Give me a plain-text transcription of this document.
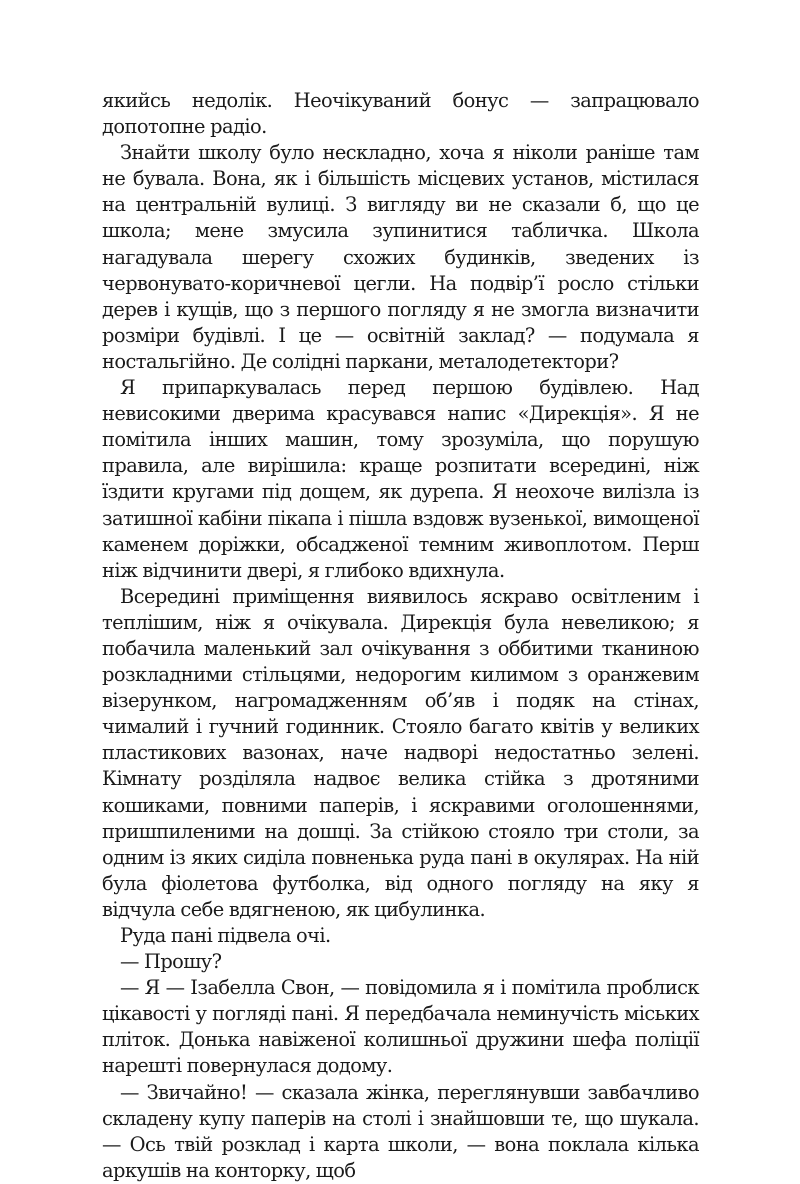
якийсь недолік. Неочікуваний бонус — запрацювало допотопне радіо.

Знайти школу було нескладно, хоча я ніколи раніше там не бувала. Вона, як і більшість місцевих установ, містилася на центральній вулиці. З вигляду ви не сказали б, що це школа; мене змусила зупинитися табличка. Школа нагадувала шерегу схожих будинків, зведених із червонувато-коричневої цегли. На подвір’ї росло стільки дерев і кущів, що з першого погляду я не змогла визначити розміри будівлі. І це — освітній заклад? — подумала я ностальгійно. Де солідні паркани, металодетектори?

Я припаркувалась перед першою будівлею. Над невисокими дверима красувався напис «Дирекція». Я не помітила інших машин, тому зрозуміла, що порушую правила, але вирішила: краще розпитати всередині, ніж їздити кругами під дощем, як дурепа. Я неохоче вилізла із затишної кабіни пікапа і пішла вздовж вузенької, вимощеної каменем доріжки, обсадженої темним живоплотом. Перш ніж відчинити двері, я глибоко вдихнула.

Всередині приміщення виявилось яскраво освітленим і теплішим, ніж я очікувала. Дирекція була невеликою; я побачила маленький зал очікування з оббитими тканиною розкладними стільцями, недорогим килимом з оранжевим візерунком, нагромадженням об’яв і подяк на стінах, чималий і гучний годинник. Стояло багато квітів у великих пластикових вазонах, наче надворі недостатньо зелені. Кімнату розділяла надвоє велика стійка з дротяними кошиками, повними паперів, і яскравими оголошеннями, пришпиленими на дошці. За стійкою стояло три столи, за одним із яких сиділа повненька руда пані в окулярах. На ній була фіолетова футболка, від одного погляду на яку я відчула себе вдягненою, як цибулинка.

Руда пані підвела очі.

— Прошу?

— Я — Ізабелла Свон, — повідомила я і помітила проблиск цікавості у погляді пані. Я передбачала неминучість міських пліток. Донька навіженої колишньої дружини шефа поліції нарешті повернулася додому.

— Звичайно! — сказала жінка, переглянувши завбачливо складену купу паперів на столі і знайшовши те, що шукала. — Ось твій розклад і карта школи, — вона поклала кілька аркушів на конторку, щоб
